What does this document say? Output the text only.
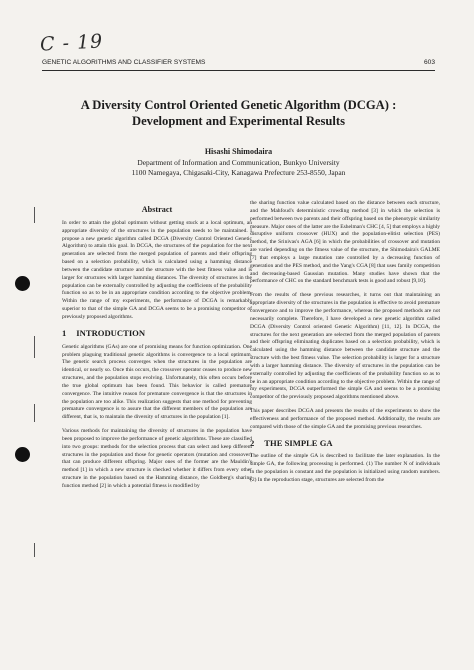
C - 19
GENETIC ALGORITHMS AND CLASSIFIER SYSTEMS	603
A Diversity Control Oriented Genetic Algorithm (DCGA) :
Development and Experimental Results
Hisashi Shimodaira
Department of Information and Communication, Bunkyo University
1100 Namegaya, Chigasaki-City, Kanagawa Prefecture 253-8550, Japan
Abstract

In order to attain the global optimum without getting stuck at a local optimum, an appropriate diversity of the structures in the population needs to be maintained. I propose a new genetic algorithm called DCGA (Diversity Control Oriented Genetic Algorithm) to attain this goal. In DCGA, the structures of the population for the next generation are selected from the merged population of parents and their offspring based on a selection probability, which is calculated using a hamming distance between the candidate structure and the structure with the best fitness value and is larger for structures with larger hamming distances. The diversity of structures in the population can be externally controlled by adjusting the coefficients of the probability function so as to be in an appropriate condition according to the objective problem. Within the range of my experiments, the performance of DCGA is remarkably superior to that of the simple GA and DCGA seems to be a promising competitor of previously proposed algorithms.

1 INTRODUCTION

Genetic algorithms (GAs) are one of promising means for function optimization. One problem plaguing traditional genetic algorithms is convergence to a local optimum. The genetic search process converges when the structures in the population are identical, or nearly so. Once this occurs, the crossover operator ceases to produce new structures, and the population stops evolving. Unfortunately, this often occurs before the true global optimum has been found. This behavior is called premature convergence. The intuitive reason for premature convergence is that the structures in the population are too alike. This realization suggests that one method for preventing premature convergence is to assure that the different members of the population are different, that is, to maintain the diversity of structures in the population [1].

Various methods for maintaining the diversity of structures in the population have been proposed to improve the performance of genetic algorithms. These are classified into two groups: methods for the selection process that can select and keep different structures in the population and those for genetic operators (mutation and crossover) that can produce different offspring. Major ones of the former are the Mauldin's method [1] in which a new structure is checked whether it differs from every other structure in the population based on the Hamming distance, the Goldberg's sharing function method [2] in which a potential fitness is modified by

the sharing function value calculated based on the distance between each structure, and the Mahfoud's deterministic crowding method [3] in which the selection is performed between two parents and their offspring based on the phenotypic similarity measure. Major ones of the latter are the Eshelman's CHC [4, 5] that employs a highly disruptive uniform crossover (HUX) and the population-elitist selection (PES) method, the Srinivas's AGA [6] in which the probabilities of crossover and mutation are varied depending on the fitness value of the structure, the Shimodaira's GALME [7] that employs a large mutation rate controlled by a decreasing function of generation and the PES method, and the Yang's CGA [8] that uses family competition and decreasing-based Gaussian mutation. Many studies have shown that the performance of CHC on the standard benchmark tests is good and robust [9,10].

From the results of these previous researches, it turns out that maintaining an appropriate diversity of the structures in the population is effective to avoid premature convergence and to improve the performance, whereas the proposed methods are not necessarily complete. Therefore, I have developed a new genetic algorithm called DCGA (Diversity Control oriented Genetic Algorithm) [11, 12]. In DCGA, the structures for the next generation are selected from the merged population of parents and their offspring eliminating duplicates based on a selection probability, which is calculated using the hamming distance between the candidate structure and the structure with the best fitness value. The selection probability is larger for a structure with a larger hamming distance. The diversity of structures in the population can be externally controlled by adjusting the coefficients of the probability function so as to be in an appropriate condition according to the objective problem. Within the range of my experiments, DCGA outperformed the simple GA and seems to be a promising competitor of the previously proposed algorithms mentioned above.

This paper describes DCGA and presents the results of the experiments to show the effectiveness and performance of the proposed method. Additionally, the results are compared with those of the simple GA and the promising previous researches.

2 THE SIMPLE GA

The outline of the simple GA is described to facilitate the later explanation. In the simple GA, the following processing is performed. (1) The number N of individuals in the population is constant and the population is initialized using random numbers. (2) In the reproduction stage, structures are selected from the
